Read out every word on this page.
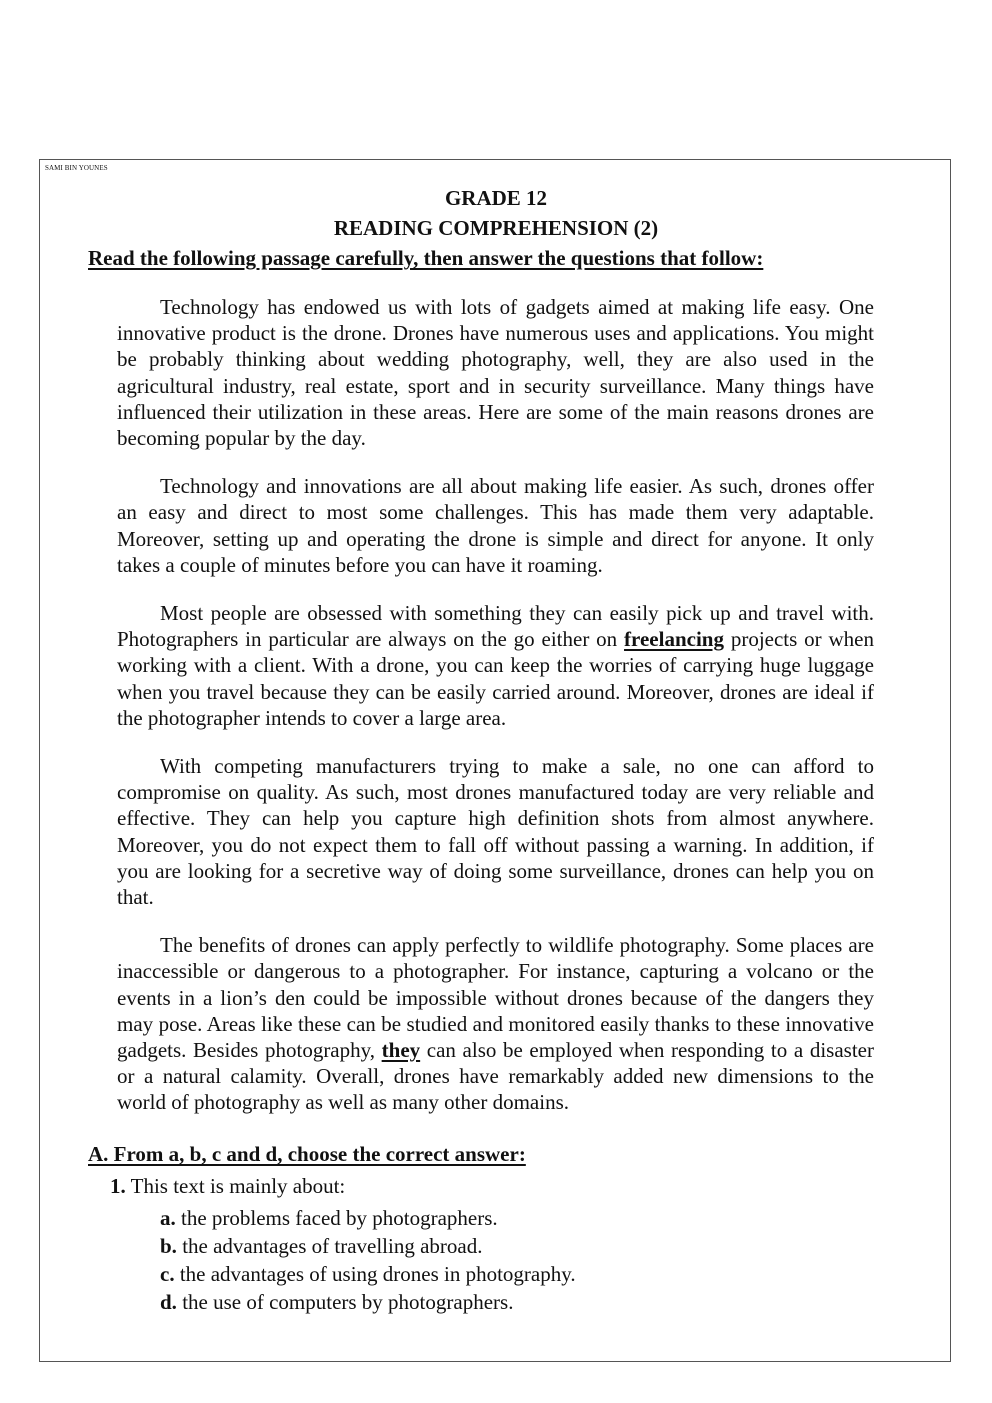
SAMI BIN YOUNES
GRADE 12
READING COMPREHENSION (2)
Read the following passage carefully, then answer the questions that follow:

Technology has endowed us with lots of gadgets aimed at making life easy. One innovative product is the drone. Drones have numerous uses and applications. You might be probably thinking about wedding photography, well, they are also used in the agricultural industry, real estate, sport and in security surveillance. Many things have influenced their utilization in these areas. Here are some of the main reasons drones are becoming popular by the day.

Technology and innovations are all about making life easier. As such, drones offer an easy and direct to most some challenges. This has made them very adaptable. Moreover, setting up and operating the drone is simple and direct for anyone. It only takes a couple of minutes before you can have it roaming.

Most people are obsessed with something they can easily pick up and travel with. Photographers in particular are always on the go either on freelancing projects or when working with a client. With a drone, you can keep the worries of carrying huge luggage when you travel because they can be easily carried around. Moreover, drones are ideal if the photographer intends to cover a large area.

With competing manufacturers trying to make a sale, no one can afford to compromise on quality. As such, most drones manufactured today are very reliable and effective. They can help you capture high definition shots from almost anywhere. Moreover, you do not expect them to fall off without passing a warning. In addition, if you are looking for a secretive way of doing some surveillance, drones can help you on that.

The benefits of drones can apply perfectly to wildlife photography. Some places are inaccessible or dangerous to a photographer. For instance, capturing a volcano or the events in a lion’s den could be impossible without drones because of the dangers they may pose. Areas like these can be studied and monitored easily thanks to these innovative gadgets. Besides photography, they can also be employed when responding to a disaster or a natural calamity. Overall, drones have remarkably added new dimensions to the world of photography as well as many other domains.

A. From a, b, c and d, choose the correct answer:
1. This text is mainly about:
a. the problems faced by photographers.
b. the advantages of travelling abroad.
c. the advantages of using drones in photography.
d. the use of computers by photographers.
